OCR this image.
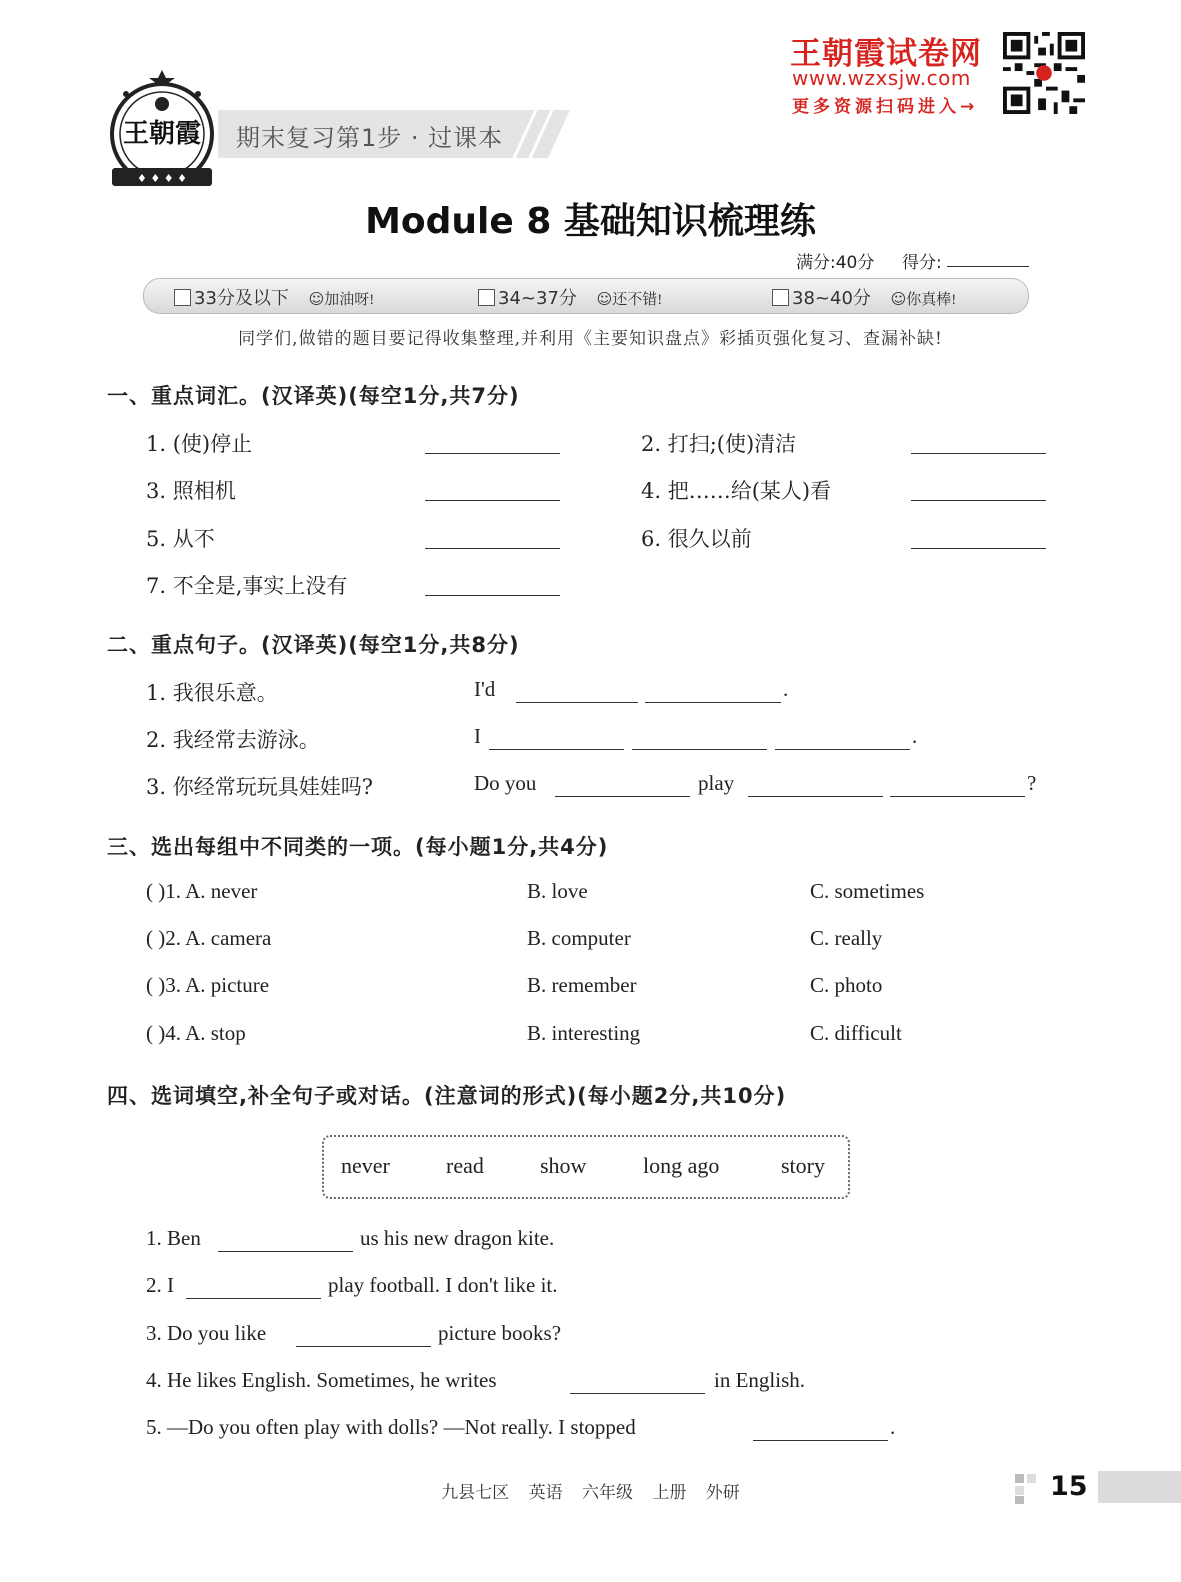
王朝霞
♦ ♦ ♦ ♦
期末复习第1步 · 过课本
王朝霞试卷网
www.wzxsjw.com
更多资源扫码进入→
Module 8 基础知识梳理练
满分:40分 得分:
33分及以下 ☺加油呀!	34~37分 ☺还不错!	38~40分 ☺你真棒!
同学们,做错的题目要记得收集整理,并利用《主要知识盘点》彩插页强化复习、查漏补缺!
一、重点词汇。(汉译英)(每空1分,共7分)
1. (使)停止	2. 打扫;(使)清洁
3. 照相机	4. 把……给(某人)看
5. 从不	6. 很久以前
7. 不全是,事实上没有
二、重点句子。(汉译英)(每空1分,共8分)
1. 我很乐意。	I'd	.
2. 我经常去游泳。	I	.
3. 你经常玩玩具娃娃吗?	Do you	play	?
三、选出每组中不同类的一项。(每小题1分,共4分)
( )1. A. never	B. love	C. sometimes
( )2. A. camera	B. computer	C. really
( )3. A. picture	B. remember	C. photo
( )4. A. stop	B. interesting	C. difficult
四、选词填空,补全句子或对话。(注意词的形式)(每小题2分,共10分)
never	read	show	long ago	story
1. Ben	us his new dragon kite.
2. I	play football. I don't like it.
3. Do you like	picture books?
4. He likes English. Sometimes, he writes	in English.
5. —Do you often play with dolls? —Not really. I stopped	.
九县七区 英语 六年级 上册 外研	15
